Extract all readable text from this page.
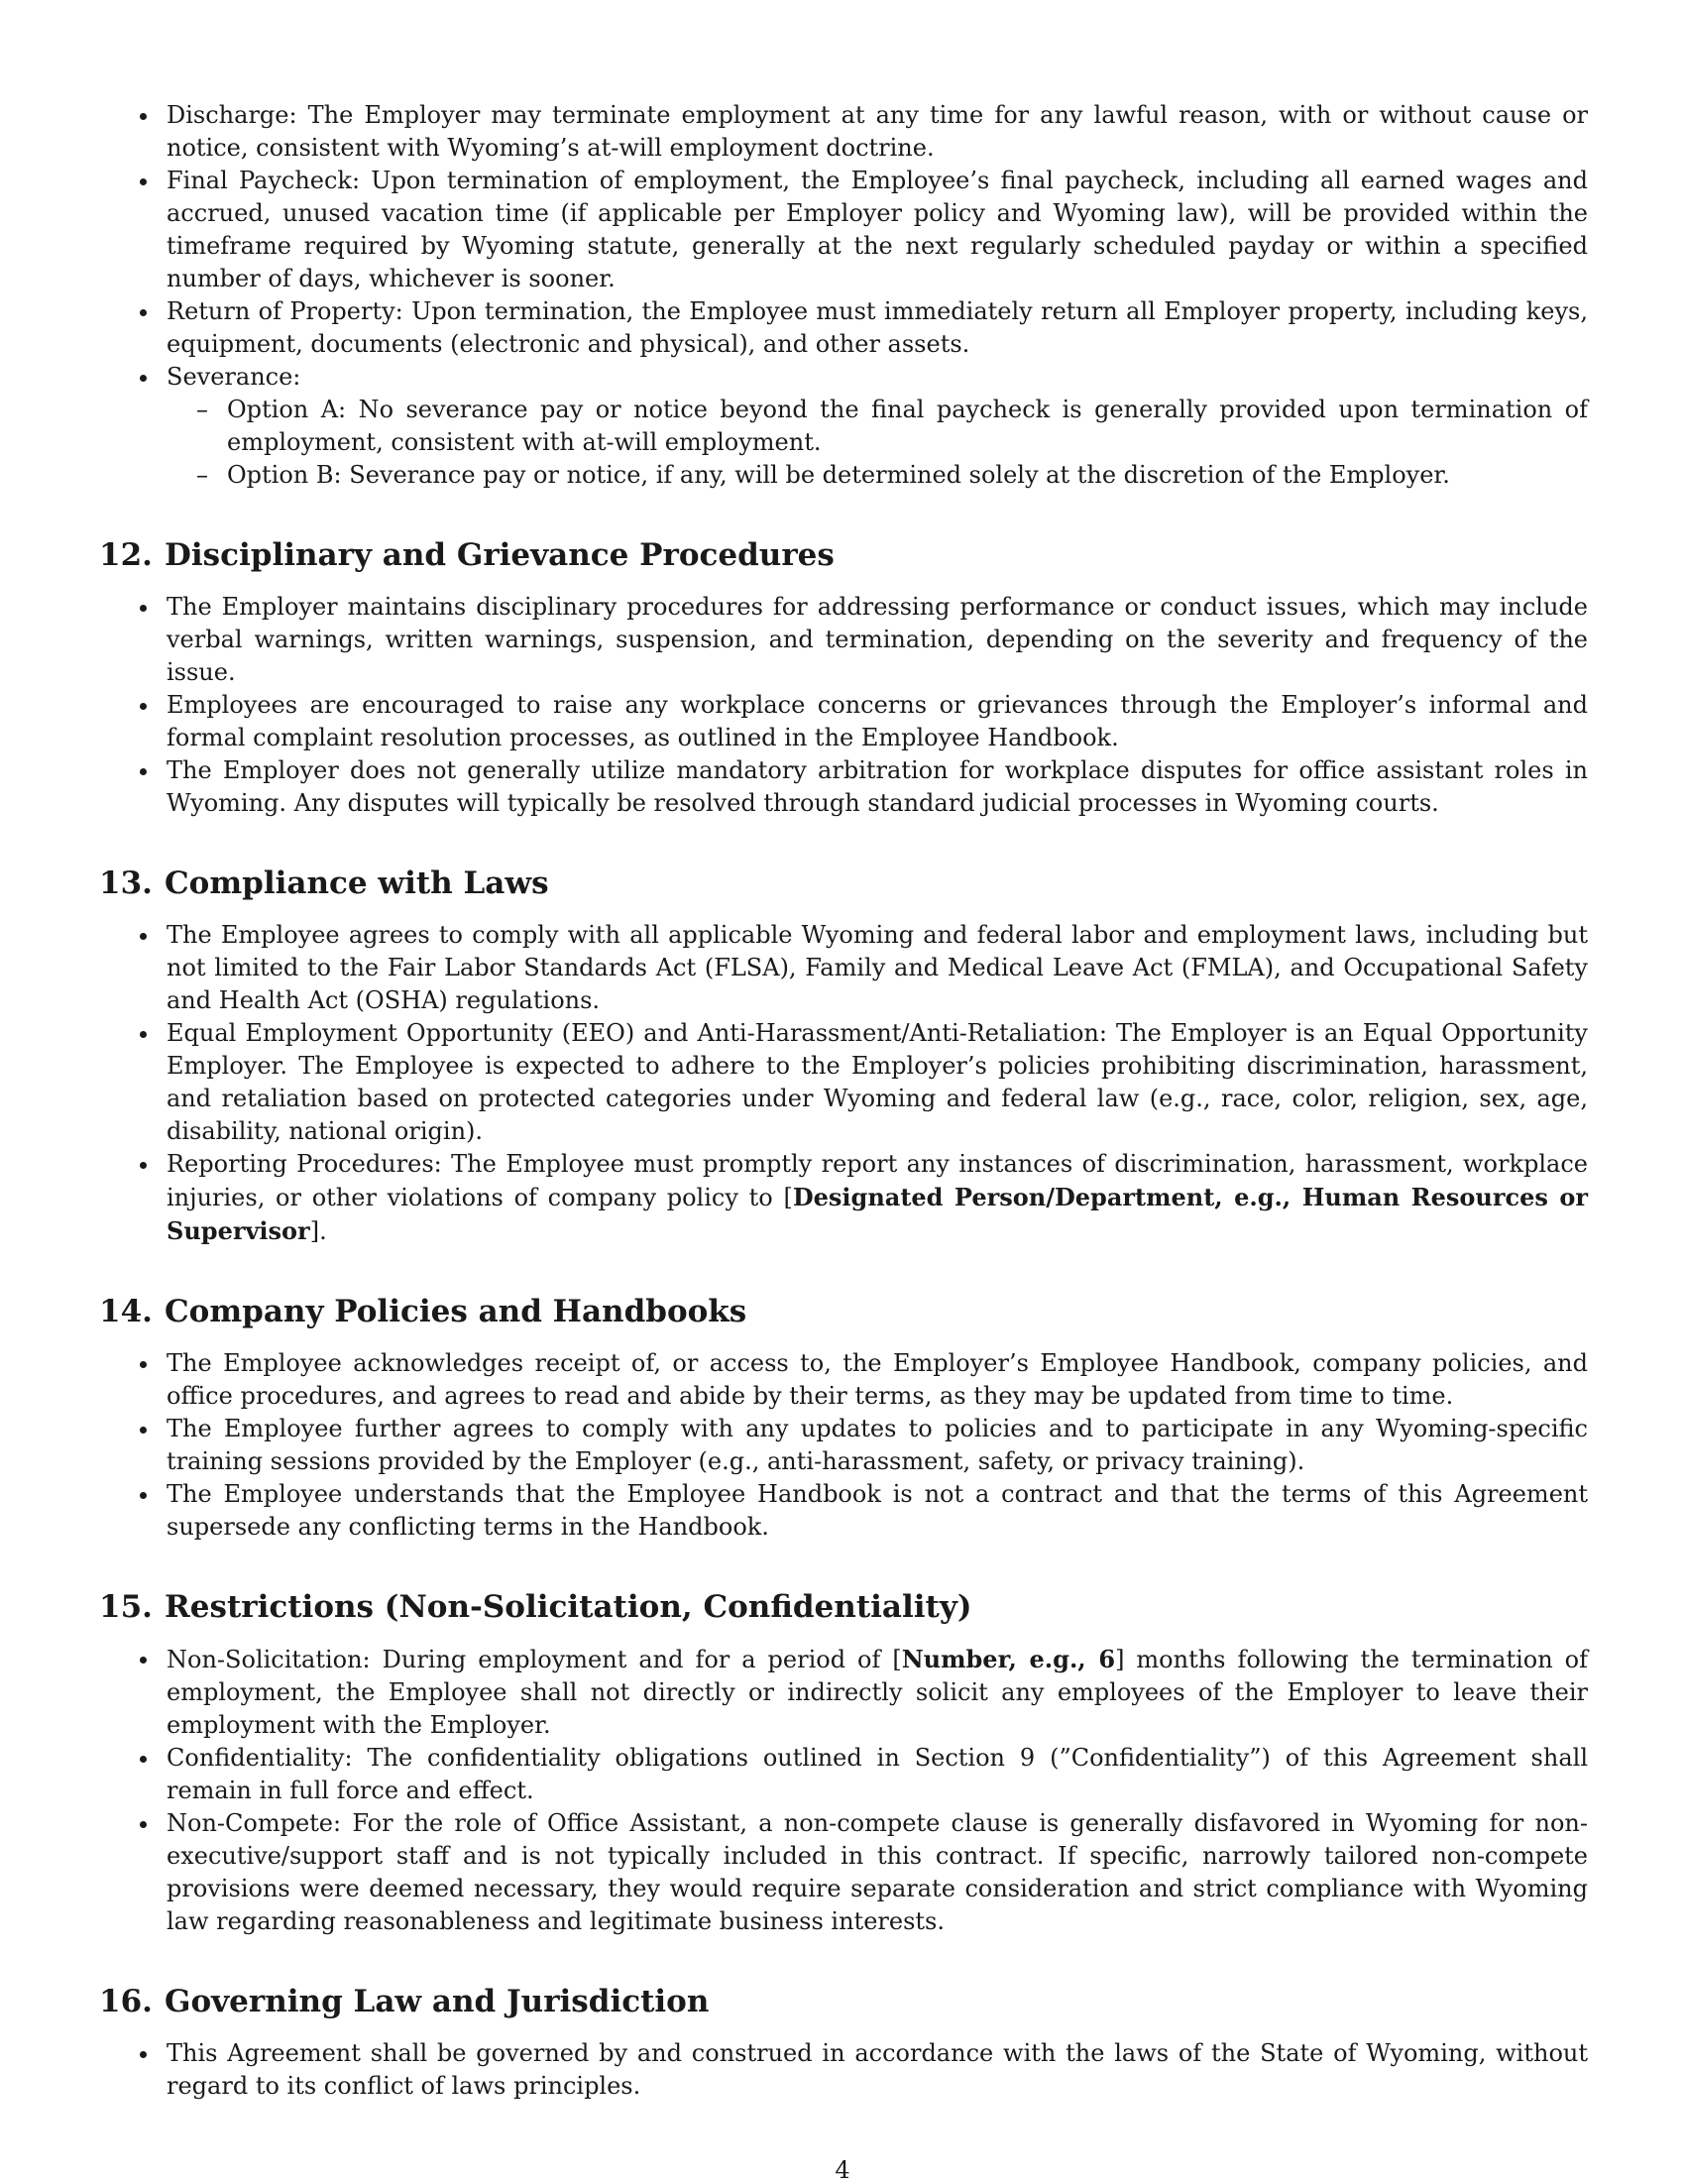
Discharge: The Employer may terminate employment at any time for any lawful reason, with or without cause or notice, consistent with Wyoming’s at-will employment doctrine.
Final Paycheck: Upon termination of employment, the Employee’s final paycheck, including all earned wages and accrued, unused vacation time (if applicable per Employer policy and Wyoming law), will be provided within the timeframe required by Wyoming statute, generally at the next regularly scheduled payday or within a specified number of days, whichever is sooner.
Return of Property: Upon termination, the Employee must immediately return all Employer property, including keys, equipment, documents (electronic and physical), and other assets.
Severance:
– Option A: No severance pay or notice beyond the final paycheck is generally provided upon termination of employment, consistent with at-will employment.
– Option B: Severance pay or notice, if any, will be determined solely at the discretion of the Employer.
12. Disciplinary and Grievance Procedures
The Employer maintains disciplinary procedures for addressing performance or conduct issues, which may include verbal warnings, written warnings, suspension, and termination, depending on the severity and frequency of the issue.
Employees are encouraged to raise any workplace concerns or grievances through the Employer’s informal and formal complaint resolution processes, as outlined in the Employee Handbook.
The Employer does not generally utilize mandatory arbitration for workplace disputes for office assistant roles in Wyoming. Any disputes will typically be resolved through standard judicial processes in Wyoming courts.
13. Compliance with Laws
The Employee agrees to comply with all applicable Wyoming and federal labor and employment laws, including but not limited to the Fair Labor Standards Act (FLSA), Family and Medical Leave Act (FMLA), and Occupational Safety and Health Act (OSHA) regulations.
Equal Employment Opportunity (EEO) and Anti-Harassment/Anti-Retaliation: The Employer is an Equal Opportunity Employer. The Employee is expected to adhere to the Employer’s policies prohibiting discrimination, harassment, and retaliation based on protected categories under Wyoming and federal law (e.g., race, color, religion, sex, age, disability, national origin).
Reporting Procedures: The Employee must promptly report any instances of discrimination, harassment, workplace injuries, or other violations of company policy to [Designated Person/Department, e.g., Human Resources or Supervisor].
14. Company Policies and Handbooks
The Employee acknowledges receipt of, or access to, the Employer’s Employee Handbook, company policies, and office procedures, and agrees to read and abide by their terms, as they may be updated from time to time.
The Employee further agrees to comply with any updates to policies and to participate in any Wyoming-specific training sessions provided by the Employer (e.g., anti-harassment, safety, or privacy training).
The Employee understands that the Employee Handbook is not a contract and that the terms of this Agreement supersede any conflicting terms in the Handbook.
15. Restrictions (Non-Solicitation, Confidentiality)
Non-Solicitation: During employment and for a period of [Number, e.g., 6] months following the termination of employment, the Employee shall not directly or indirectly solicit any employees of the Employer to leave their employment with the Employer.
Confidentiality: The confidentiality obligations outlined in Section 9 (”Confidentiality”) of this Agreement shall remain in full force and effect.
Non-Compete: For the role of Office Assistant, a non-compete clause is generally disfavored in Wyoming for non-executive/support staff and is not typically included in this contract. If specific, narrowly tailored non-compete provisions were deemed necessary, they would require separate consideration and strict compliance with Wyoming law regarding reasonableness and legitimate business interests.
16. Governing Law and Jurisdiction
This Agreement shall be governed by and construed in accordance with the laws of the State of Wyoming, without regard to its conflict of laws principles.
4
